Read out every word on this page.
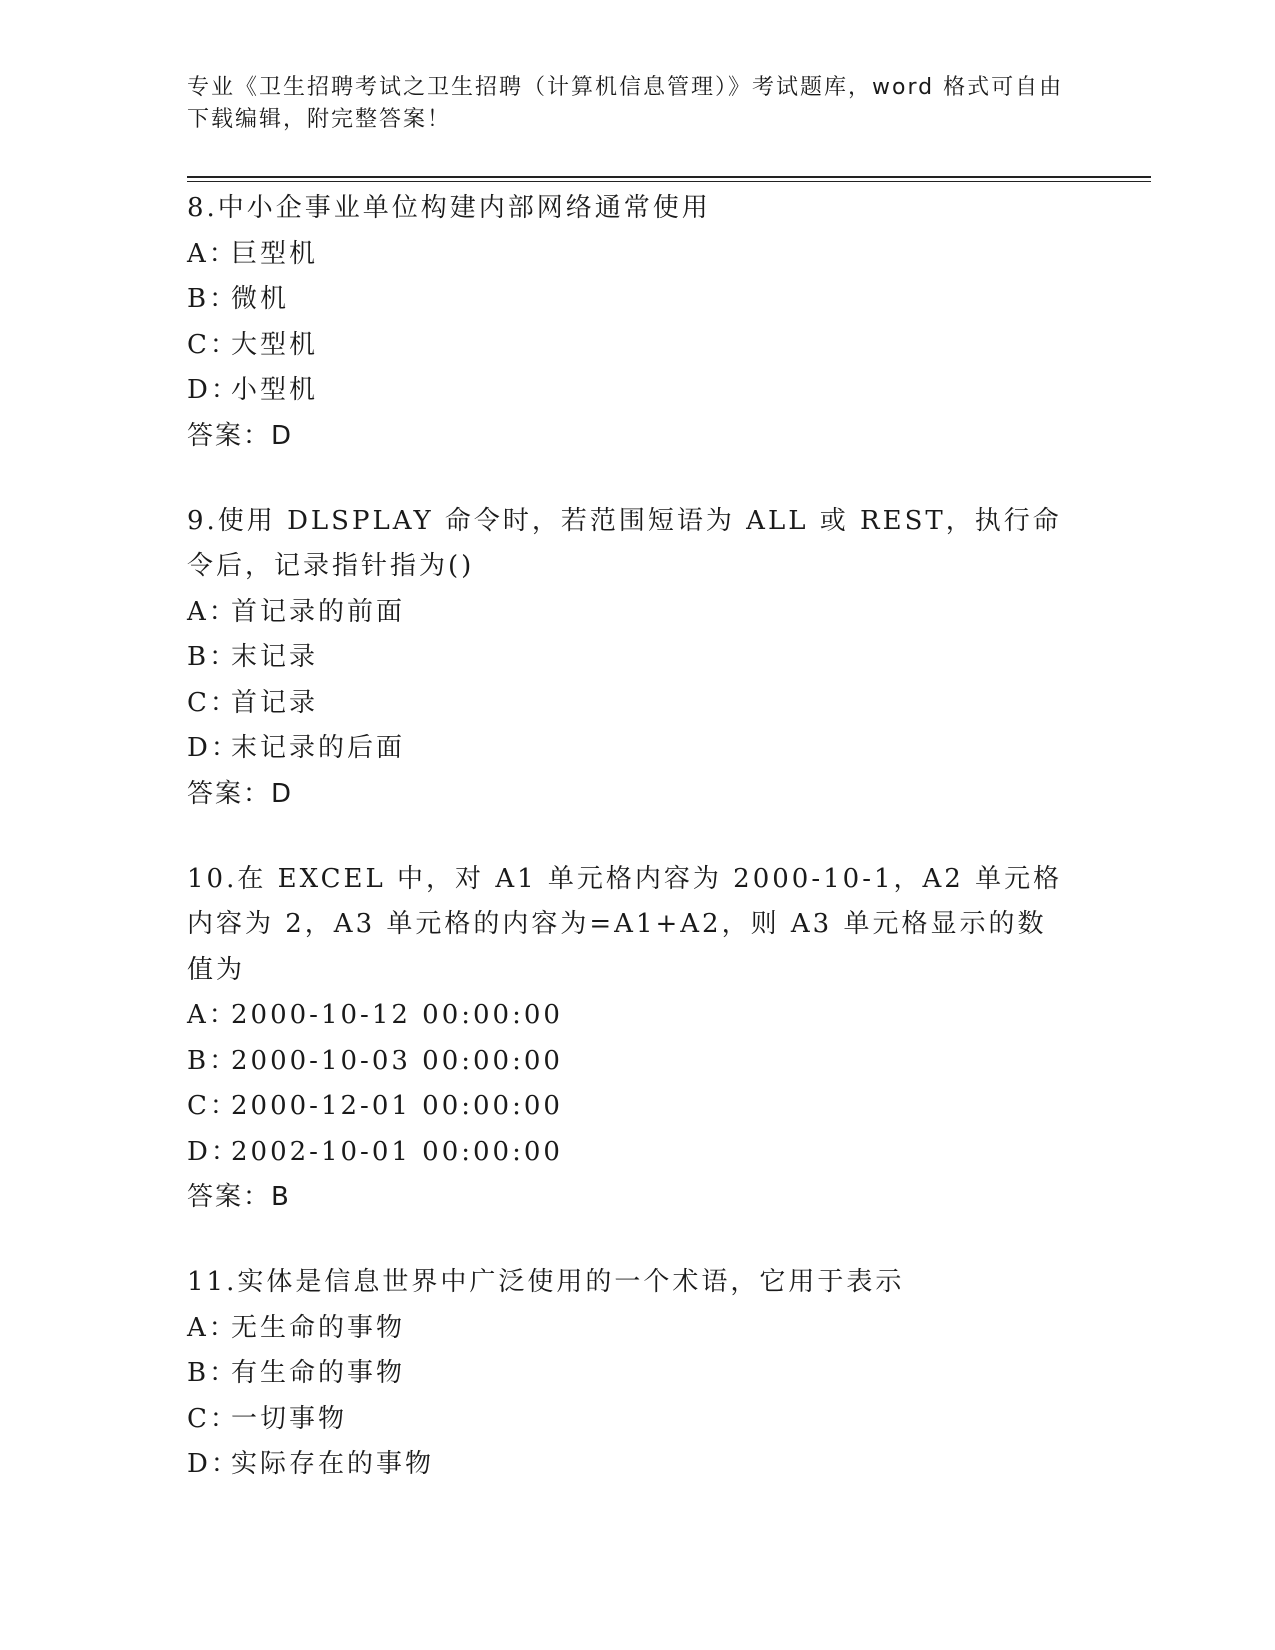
专业《卫生招聘考试之卫生招聘（计算机信息管理）》考试题库，word 格式可自由下载编辑，附完整答案！
8.中小企事业单位构建内部网络通常使用
A：巨型机
B：微机
C：大型机
D：小型机
答案：D
9.使用 DLSPLAY 命令时，若范围短语为 ALL 或 REST，执行命令后，记录指针指为()
A：首记录的前面
B：末记录
C：首记录
D：末记录的后面
答案：D
10.在 EXCEL 中，对 A1 单元格内容为 2000-10-1，A2 单元格内容为 2，A3 单元格的内容为=A1+A2，则 A3 单元格显示的数值为
A：2000-10-12 00:00:00
B：2000-10-03 00:00:00
C：2000-12-01 00:00:00
D：2002-10-01 00:00:00
答案：B
11.实体是信息世界中广泛使用的一个术语，它用于表示
A：无生命的事物
B：有生命的事物
C：一切事物
D：实际存在的事物
